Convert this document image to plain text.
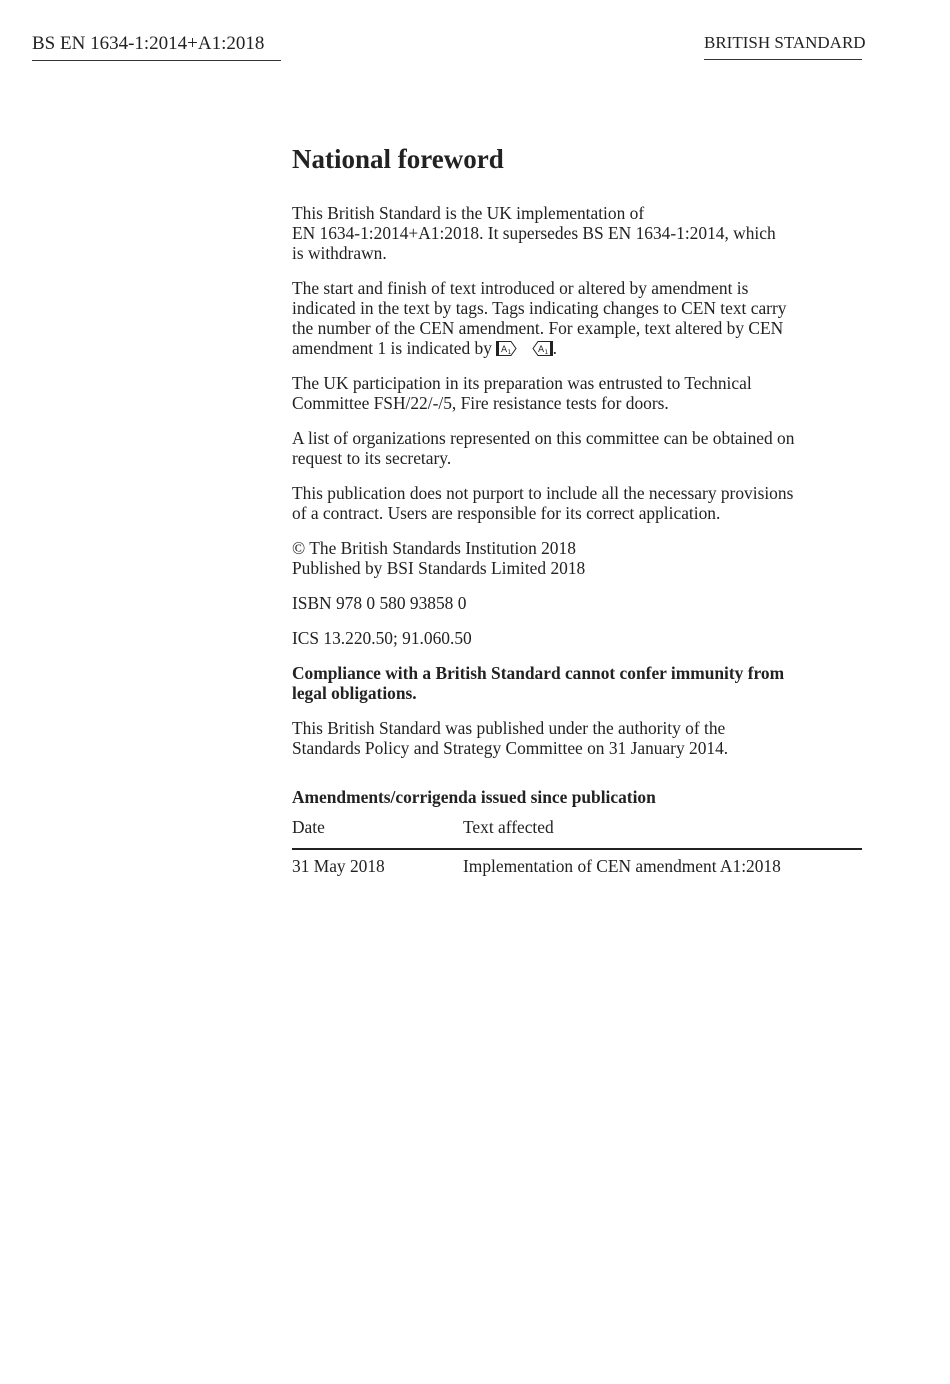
BS EN 1634-1:2014+A1:2018	BRITISH STANDARD
National foreword

This British Standard is the UK implementation of
EN 1634-1:2014+A1:2018. It supersedes BS EN 1634-1:2014, which
is withdrawn.

The start and finish of text introduced or altered by amendment is
indicated in the text by tags. Tags indicating changes to CEN text carry
the number of the CEN amendment. For example, text altered by CEN
amendment 1 is indicated by A 1
	A 1 .

The UK participation in its preparation was entrusted to Technical
Committee FSH/22/-/5, Fire resistance tests for doors.

A list of organizations represented on this committee can be obtained on
request to its secretary.

This publication does not purport to include all the necessary provisions
of a contract. Users are responsible for its correct application.

© The British Standards Institution 2018
Published by BSI Standards Limited 2018

ISBN 978 0 580 93858 0

ICS 13.220.50; 91.060.50

Compliance with a British Standard cannot confer immunity from
legal obligations.

This British Standard was published under the authority of the
Standards Policy and Strategy Committee on 31 January 2014.

Amendments/corrigenda issued since publication
Date	Text affected
31 May 2018	Implementation of CEN amendment A1:2018
